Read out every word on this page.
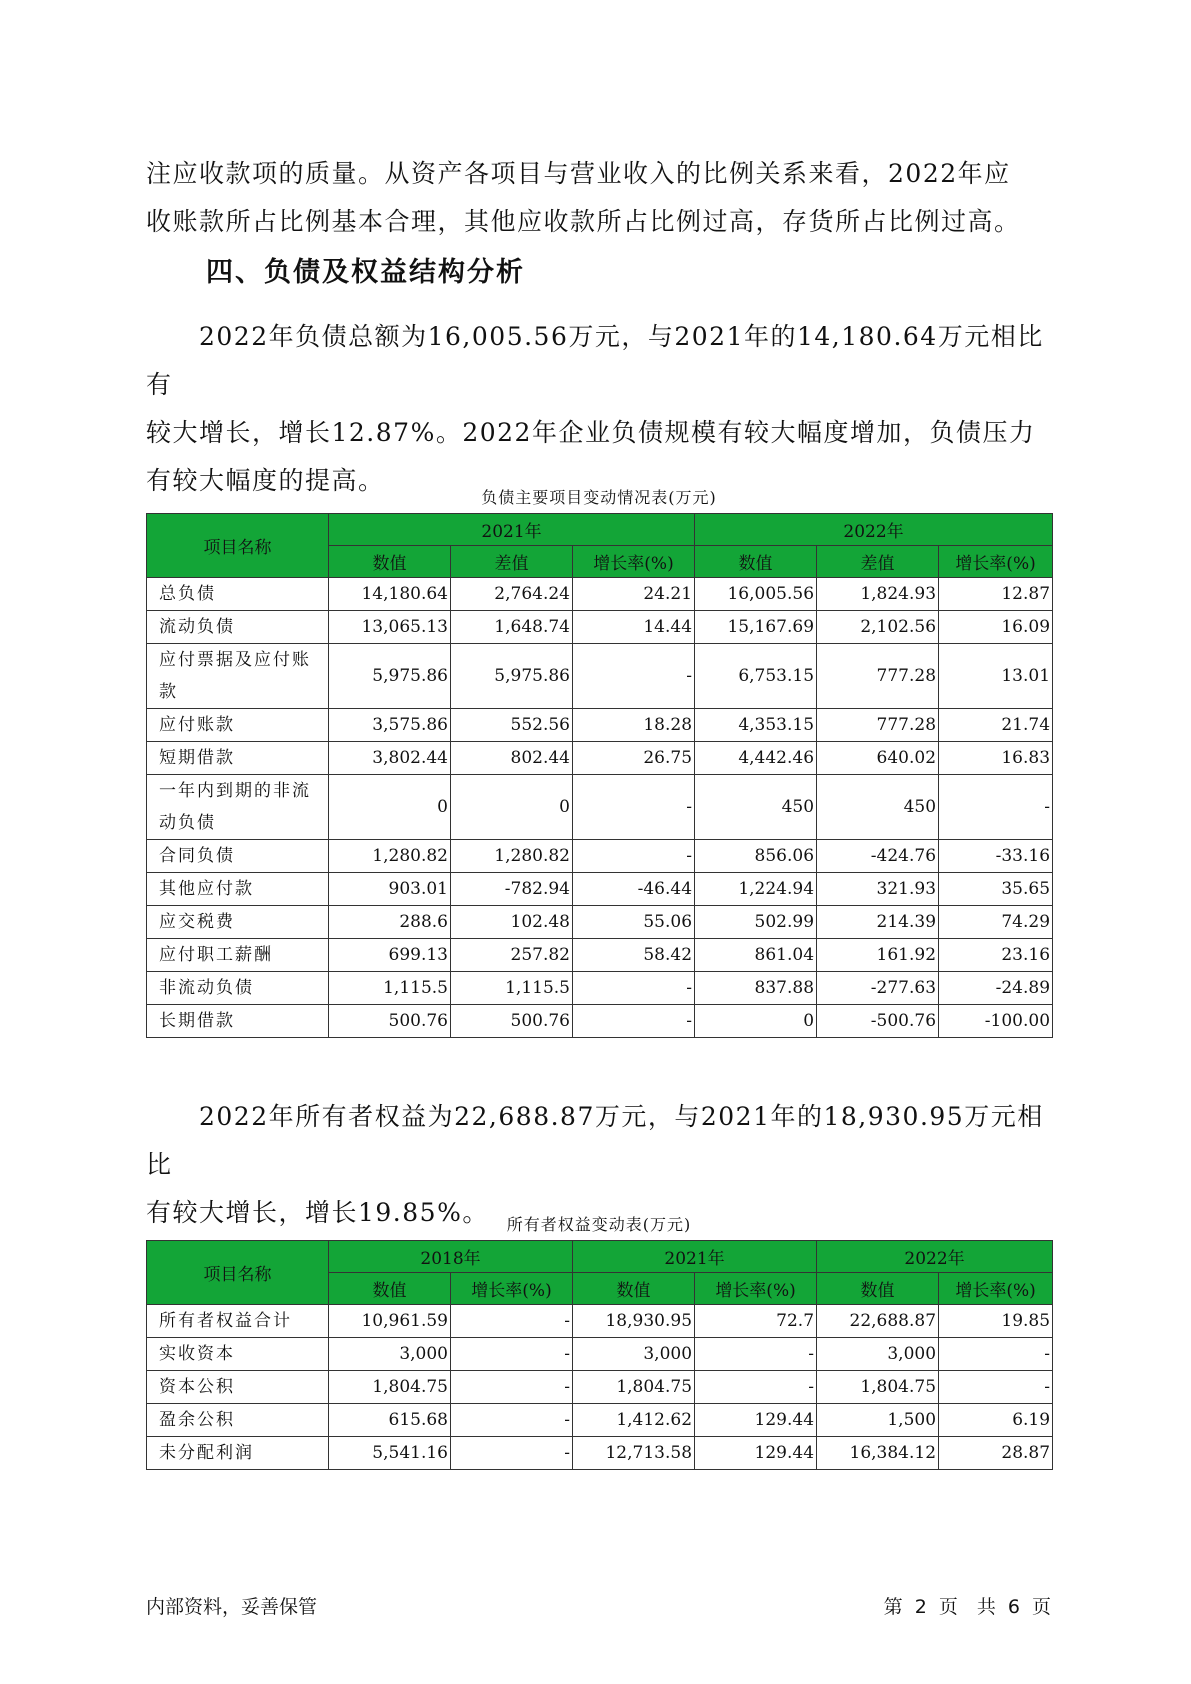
注应收款项的质量。从资产各项目与营业收入的比例关系来看，2022年应

收账款所占比例基本合理，其他应收款所占比例过高，存货所占比例过高。

四、负债及权益结构分析

　　2022年负债总额为16,005.56万元，与2021年的14,180.64万元相比有

较大增长，增长12.87%。2022年企业负债规模有较大幅度增加，负债压力

有较大幅度的提高。

负债主要项目变动情况表(万元)
项目名称	2021年			2022年		
	数值	差值	增长率(%)	数值	差值	增长率(%)
总负债	14,180.64	2,764.24	24.21	16,005.56	1,824.93	12.87
流动负债	13,065.13	1,648.74	14.44	15,167.69	2,102.56	16.09
应付票据及应付账款	5,975.86	5,975.86	-	6,753.15	777.28	13.01
应付账款	3,575.86	552.56	18.28	4,353.15	777.28	21.74
短期借款	3,802.44	802.44	26.75	4,442.46	640.02	16.83
一年内到期的非流动负债	0	0	-	450	450	-
合同负债	1,280.82	1,280.82	-	856.06	-424.76	-33.16
其他应付款	903.01	-782.94	-46.44	1,224.94	321.93	35.65
应交税费	288.6	102.48	55.06	502.99	214.39	74.29
应付职工薪酬	699.13	257.82	58.42	861.04	161.92	23.16
非流动负债	1,115.5	1,115.5	-	837.88	-277.63	-24.89
长期借款	500.76	500.76	-	0	-500.76	-100.00

　　2022年所有者权益为22,688.87万元，与2021年的18,930.95万元相比

有较大增长，增长19.85%。	所有者权益变动表(万元)
项目名称	2018年		2021年		2022年	
	数值	增长率(%)	数值	增长率(%)	数值	增长率(%)
所有者权益合计	10,961.59	-	18,930.95	72.7	22,688.87	19.85
实收资本	3,000	-	3,000	-	3,000	-
资本公积	1,804.75	-	1,804.75	-	1,804.75	-
盈余公积	615.68	-	1,412.62	129.44	1,500	6.19
未分配利润	5,541.16	-	12,713.58	129.44	16,384.12	28.87
内部资料，妥善保管	第 2 页　共 6 页
